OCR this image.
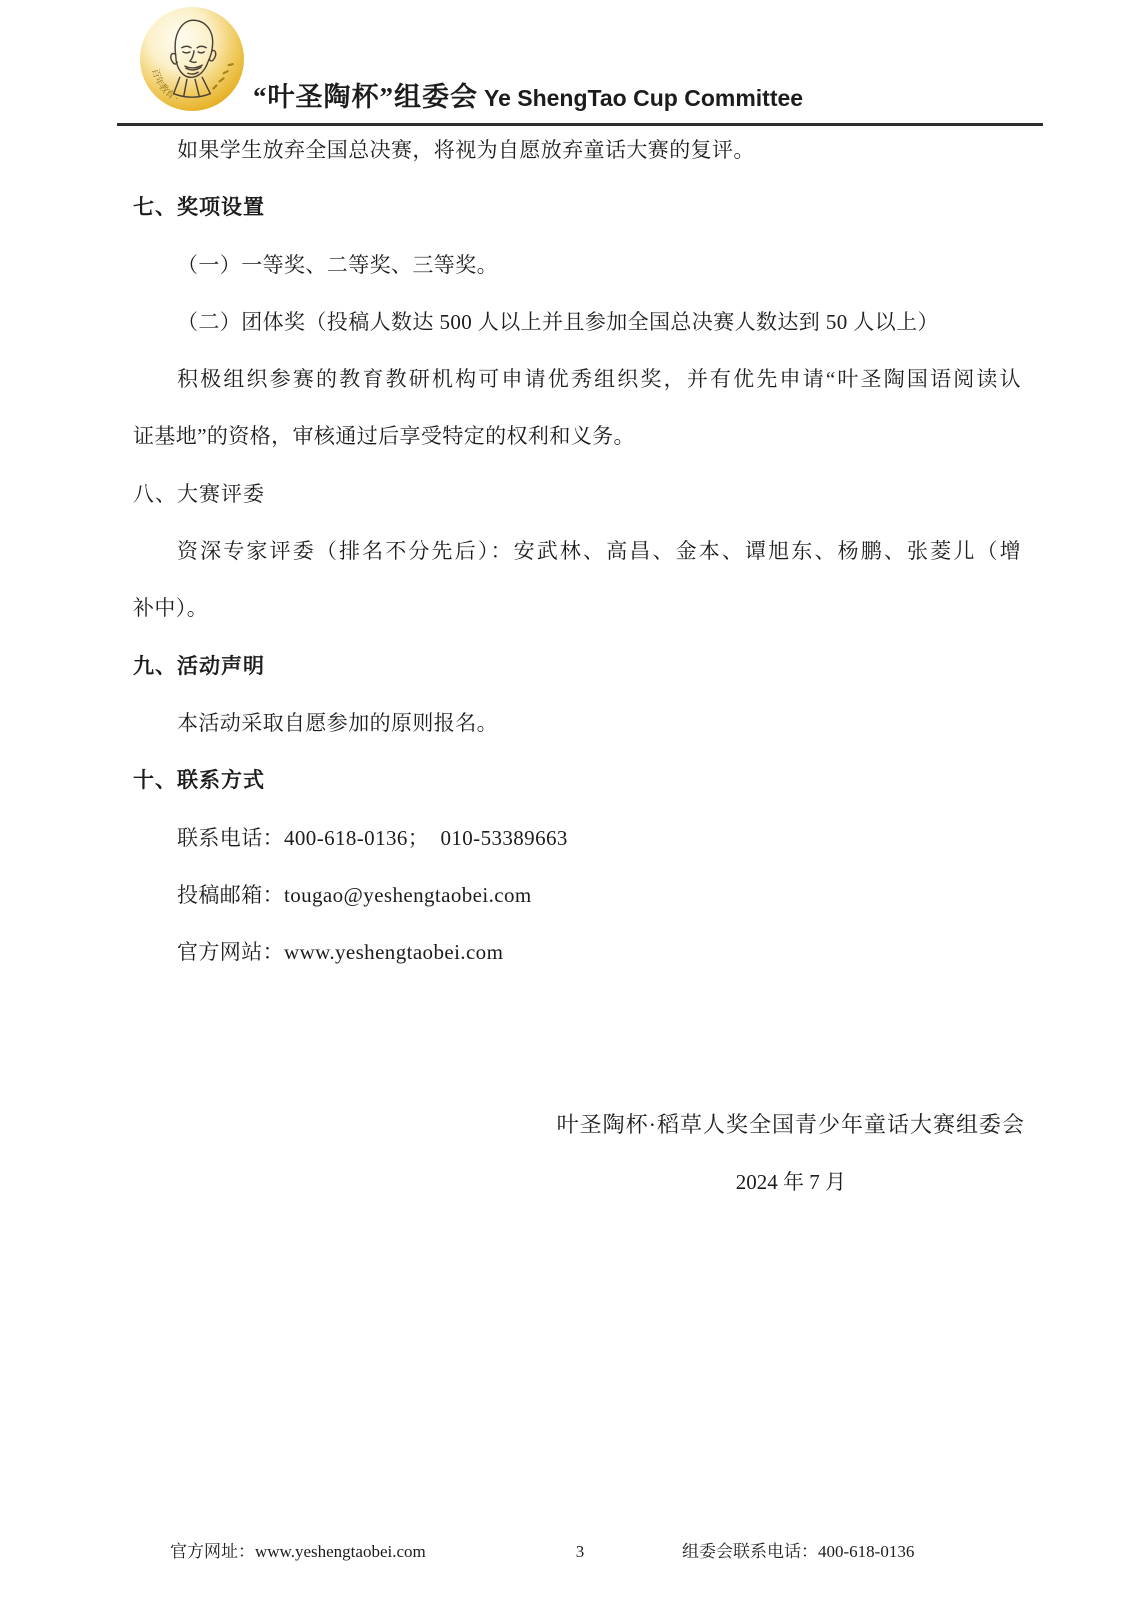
百年教育 ·	“叶圣陶杯”组委会 Ye ShengTao Cup Committee
如果学生放弃全国总决赛，将视为自愿放弃童话大赛的复评。
七、奖项设置
（一）一等奖、二等奖、三等奖。
（二）团体奖（投稿人数达 500 人以上并且参加全国总决赛人数达到 50 人以上）
积极组织参赛的教育教研机构可申请优秀组织奖，并有优先申请“叶圣陶国语阅读认
证基地”的资格，审核通过后享受特定的权利和义务。
八、大赛评委
资深专家评委（排名不分先后）：安武林、高昌、金本、谭旭东、杨鹏、张菱儿（增
补中）。
九、活动声明
本活动采取自愿参加的原则报名。
十、联系方式
联系电话：400-618-0136；  010-53389663
投稿邮箱：tougao@yeshengtaobei.com
官方网站：www.yeshengtaobei.com
叶圣陶杯·稻草人奖全国青少年童话大赛组委会
2024 年 7 月
官方网址：www.yeshengtaobei.com	3	组委会联系电话：400-618-0136
